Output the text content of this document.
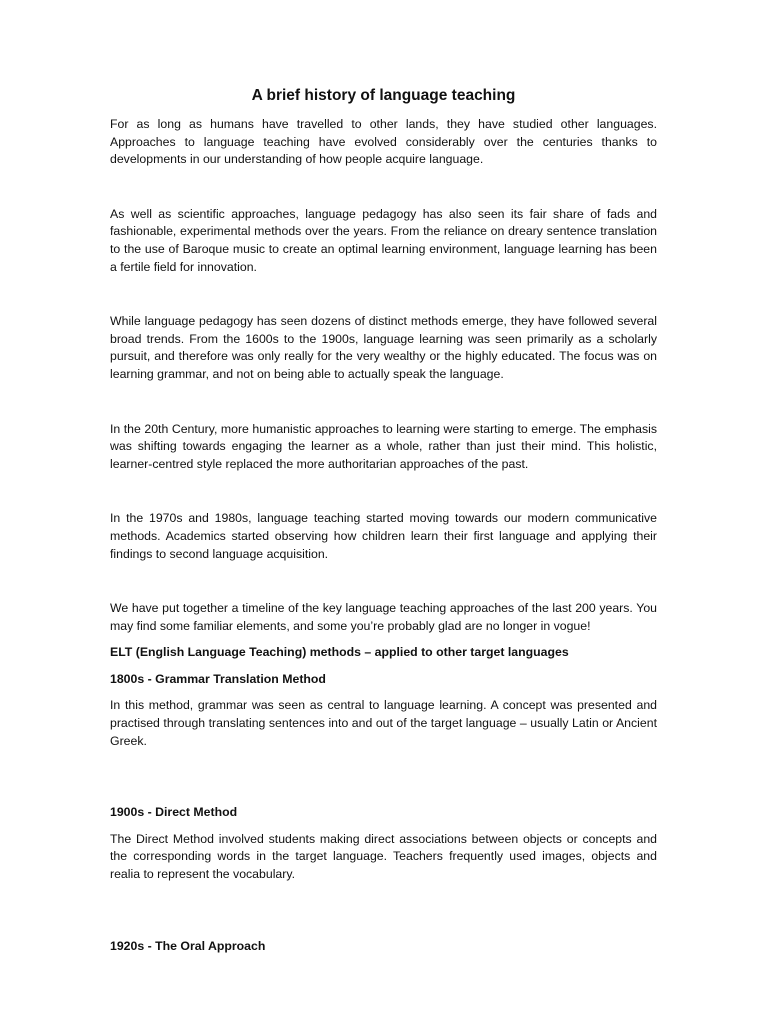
A brief history of language teaching

For as long as humans have travelled to other lands, they have studied other languages. Approaches to language teaching have evolved considerably over the centuries thanks to developments in our understanding of how people acquire language.

As well as scientific approaches, language pedagogy has also seen its fair share of fads and fashionable, experimental methods over the years. From the reliance on dreary sentence translation to the use of Baroque music to create an optimal learning environment, language learning has been a fertile field for innovation.

While language pedagogy has seen dozens of distinct methods emerge, they have followed several broad trends. From the 1600s to the 1900s, language learning was seen primarily as a scholarly pursuit, and therefore was only really for the very wealthy or the highly educated. The focus was on learning grammar, and not on being able to actually speak the language.

In the 20th Century, more humanistic approaches to learning were starting to emerge. The emphasis was shifting towards engaging the learner as a whole, rather than just their mind. This holistic, learner-centred style replaced the more authoritarian approaches of the past.

In the 1970s and 1980s, language teaching started moving towards our modern communicative methods. Academics started observing how children learn their first language and applying their findings to second language acquisition.

We have put together a timeline of the key language teaching approaches of the last 200 years. You may find some familiar elements, and some you’re probably glad are no longer in vogue!

ELT (English Language Teaching) methods – applied to other target languages

1800s - Grammar Translation Method

In this method, grammar was seen as central to language learning. A concept was presented and practised through translating sentences into and out of the target language – usually Latin or Ancient Greek.

1900s - Direct Method

The Direct Method involved students making direct associations between objects or concepts and the corresponding words in the target language. Teachers frequently used images, objects and realia to represent the vocabulary.

1920s - The Oral Approach
